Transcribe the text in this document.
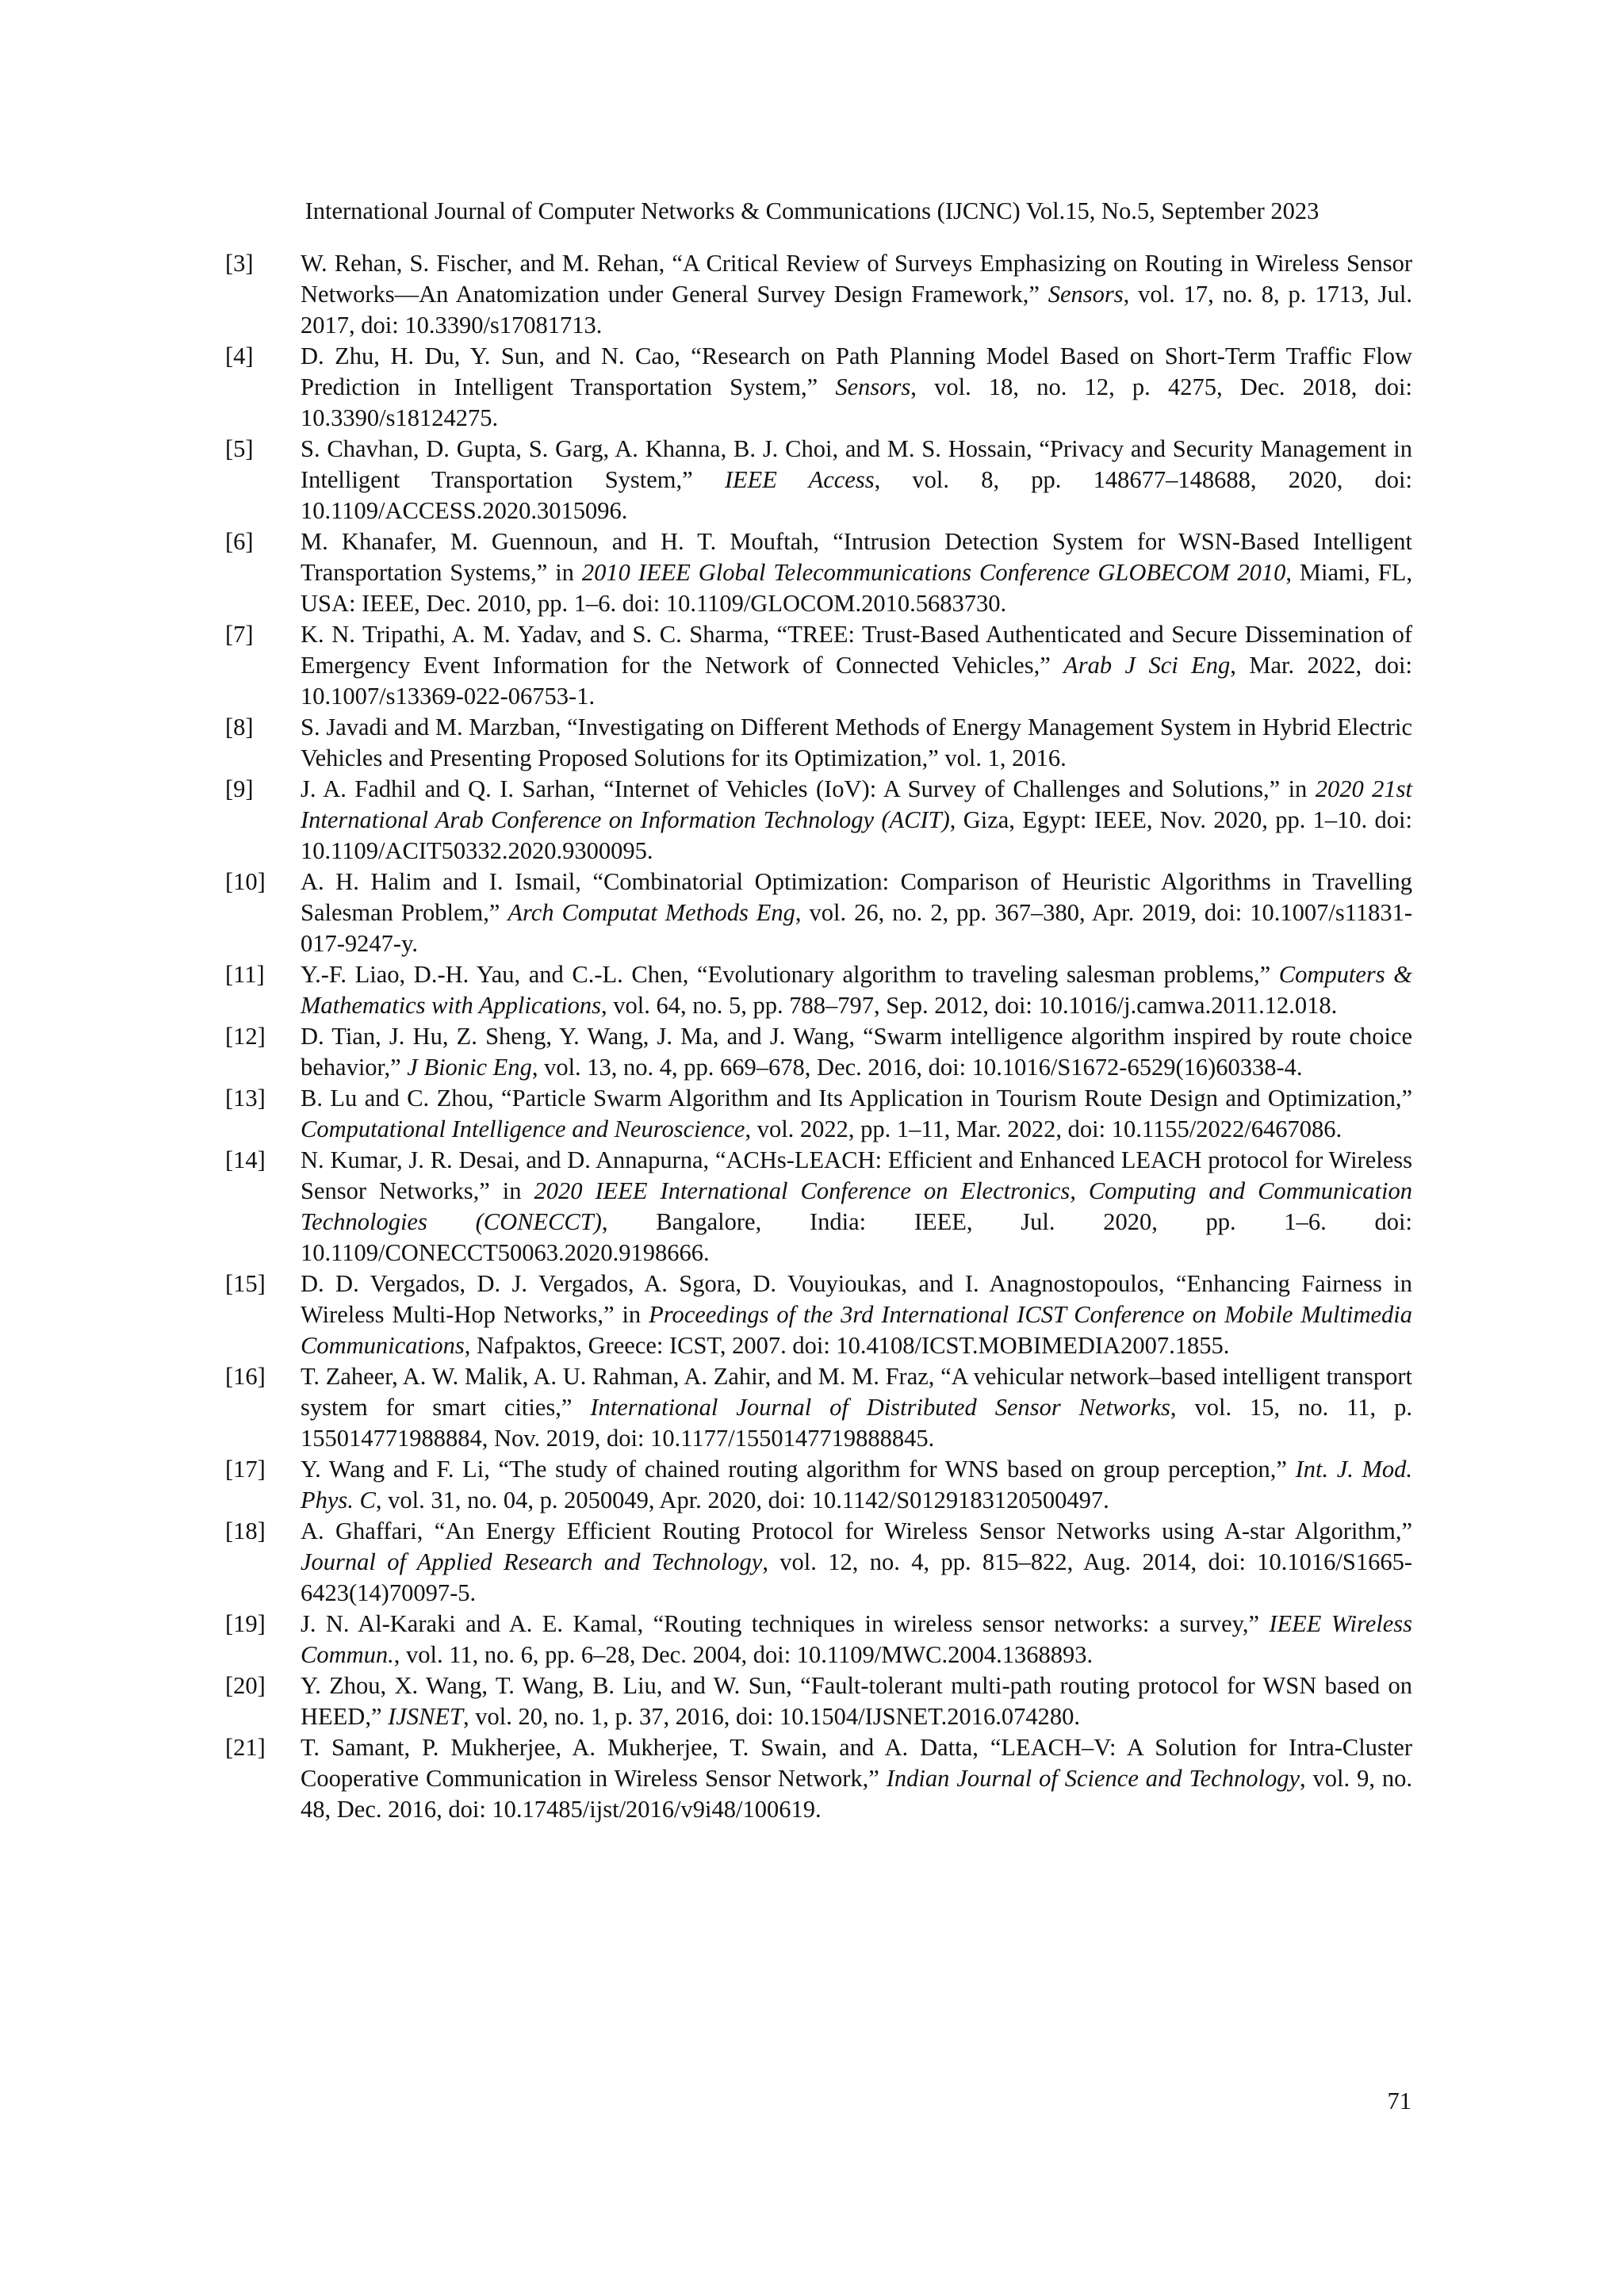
International Journal of Computer Networks & Communications (IJCNC) Vol.15, No.5, September 2023
[3] W. Rehan, S. Fischer, and M. Rehan, “A Critical Review of Surveys Emphasizing on Routing in Wireless Sensor Networks—An Anatomization under General Survey Design Framework,” Sensors, vol. 17, no. 8, p. 1713, Jul. 2017, doi: 10.3390/s17081713.
[4] D. Zhu, H. Du, Y. Sun, and N. Cao, “Research on Path Planning Model Based on Short-Term Traffic Flow Prediction in Intelligent Transportation System,” Sensors, vol. 18, no. 12, p. 4275, Dec. 2018, doi: 10.3390/s18124275.
[5] S. Chavhan, D. Gupta, S. Garg, A. Khanna, B. J. Choi, and M. S. Hossain, “Privacy and Security Management in Intelligent Transportation System,” IEEE Access, vol. 8, pp. 148677–148688, 2020, doi: 10.1109/ACCESS.2020.3015096.
[6] M. Khanafer, M. Guennoun, and H. T. Mouftah, “Intrusion Detection System for WSN-Based Intelligent Transportation Systems,” in 2010 IEEE Global Telecommunications Conference GLOBECOM 2010, Miami, FL, USA: IEEE, Dec. 2010, pp. 1–6. doi: 10.1109/GLOCOM.2010.5683730.
[7] K. N. Tripathi, A. M. Yadav, and S. C. Sharma, “TREE: Trust-Based Authenticated and Secure Dissemination of Emergency Event Information for the Network of Connected Vehicles,” Arab J Sci Eng, Mar. 2022, doi: 10.1007/s13369-022-06753-1.
[8] S. Javadi and M. Marzban, “Investigating on Different Methods of Energy Management System in Hybrid Electric Vehicles and Presenting Proposed Solutions for its Optimization,” vol. 1, 2016.
[9] J. A. Fadhil and Q. I. Sarhan, “Internet of Vehicles (IoV): A Survey of Challenges and Solutions,” in 2020 21st International Arab Conference on Information Technology (ACIT), Giza, Egypt: IEEE, Nov. 2020, pp. 1–10. doi: 10.1109/ACIT50332.2020.9300095.
[10] A. H. Halim and I. Ismail, “Combinatorial Optimization: Comparison of Heuristic Algorithms in Travelling Salesman Problem,” Arch Computat Methods Eng, vol. 26, no. 2, pp. 367–380, Apr. 2019, doi: 10.1007/s11831-017-9247-y.
[11] Y.-F. Liao, D.-H. Yau, and C.-L. Chen, “Evolutionary algorithm to traveling salesman problems,” Computers & Mathematics with Applications, vol. 64, no. 5, pp. 788–797, Sep. 2012, doi: 10.1016/j.camwa.2011.12.018.
[12] D. Tian, J. Hu, Z. Sheng, Y. Wang, J. Ma, and J. Wang, “Swarm intelligence algorithm inspired by route choice behavior,” J Bionic Eng, vol. 13, no. 4, pp. 669–678, Dec. 2016, doi: 10.1016/S1672-6529(16)60338-4.
[13] B. Lu and C. Zhou, “Particle Swarm Algorithm and Its Application in Tourism Route Design and Optimization,” Computational Intelligence and Neuroscience, vol. 2022, pp. 1–11, Mar. 2022, doi: 10.1155/2022/6467086.
[14] N. Kumar, J. R. Desai, and D. Annapurna, “ACHs-LEACH: Efficient and Enhanced LEACH protocol for Wireless Sensor Networks,” in 2020 IEEE International Conference on Electronics, Computing and Communication Technologies (CONECCT), Bangalore, India: IEEE, Jul. 2020, pp. 1–6. doi: 10.1109/CONECCT50063.2020.9198666.
[15] D. D. Vergados, D. J. Vergados, A. Sgora, D. Vouyioukas, and I. Anagnostopoulos, “Enhancing Fairness in Wireless Multi-Hop Networks,” in Proceedings of the 3rd International ICST Conference on Mobile Multimedia Communications, Nafpaktos, Greece: ICST, 2007. doi: 10.4108/ICST.MOBIMEDIA2007.1855.
[16] T. Zaheer, A. W. Malik, A. U. Rahman, A. Zahir, and M. M. Fraz, “A vehicular network–based intelligent transport system for smart cities,” International Journal of Distributed Sensor Networks, vol. 15, no. 11, p. 155014771988884, Nov. 2019, doi: 10.1177/1550147719888845.
[17] Y. Wang and F. Li, “The study of chained routing algorithm for WNS based on group perception,” Int. J. Mod. Phys. C, vol. 31, no. 04, p. 2050049, Apr. 2020, doi: 10.1142/S0129183120500497.
[18] A. Ghaffari, “An Energy Efficient Routing Protocol for Wireless Sensor Networks using A-star Algorithm,” Journal of Applied Research and Technology, vol. 12, no. 4, pp. 815–822, Aug. 2014, doi: 10.1016/S1665-6423(14)70097-5.
[19] J. N. Al-Karaki and A. E. Kamal, “Routing techniques in wireless sensor networks: a survey,” IEEE Wireless Commun., vol. 11, no. 6, pp. 6–28, Dec. 2004, doi: 10.1109/MWC.2004.1368893.
[20] Y. Zhou, X. Wang, T. Wang, B. Liu, and W. Sun, “Fault-tolerant multi-path routing protocol for WSN based on HEED,” IJSNET, vol. 20, no. 1, p. 37, 2016, doi: 10.1504/IJSNET.2016.074280.
[21] T. Samant, P. Mukherjee, A. Mukherjee, T. Swain, and A. Datta, “LEACH–V: A Solution for Intra-Cluster Cooperative Communication in Wireless Sensor Network,” Indian Journal of Science and Technology, vol. 9, no. 48, Dec. 2016, doi: 10.17485/ijst/2016/v9i48/100619.
71
